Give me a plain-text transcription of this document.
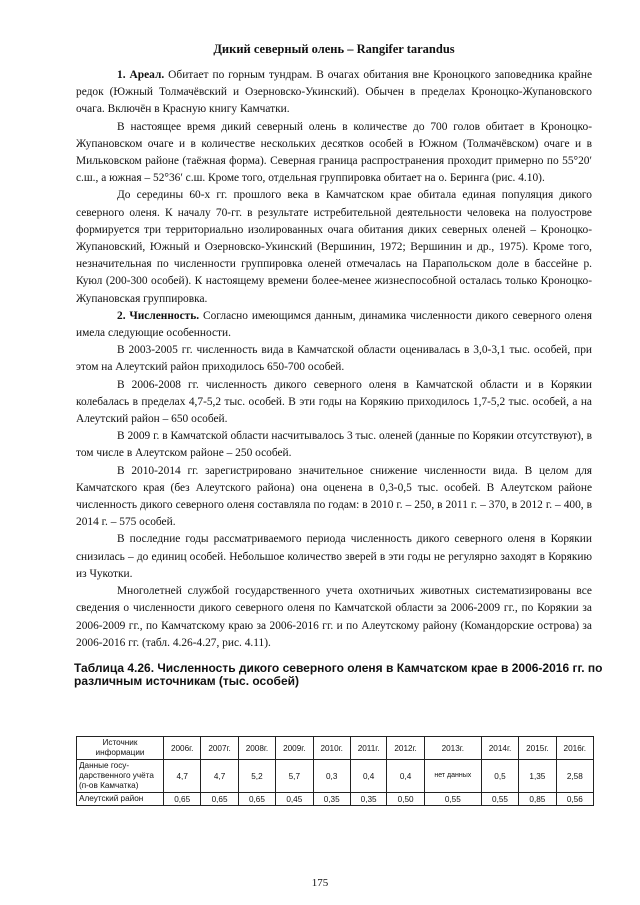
Дикий северный олень – Rangifer tarandus

1. Ареал. Обитает по горным тундрам. В очагах обитания вне Кроноцкого заповедника крайне редок (Южный Толмачёвский и Озерновско-Укинский). Обычен в пределах Кроноцко-Жупановского очага. Включён в Красную книгу Камчатки.

В настоящее время дикий северный олень в количестве до 700 голов обитает в Кроноцко-Жупановском очаге и в количестве нескольких десятков особей в Южном (Толмачёвском) очаге и в Мильковском районе (таёжная форма). Северная граница распространения проходит примерно по 55°20′ с.ш., а южная – 52°36′ с.ш. Кроме того, отдельная группировка обитает на о. Беринга (рис. 4.10).

До середины 60-х гг. прошлого века в Камчатском крае обитала единая популяция дикого северного оленя. К началу 70-гг. в результате истребительной деятельности человека на полуострове формируется три территориально изолированных очага обитания диких северных оленей – Кроноцко-Жупановский, Южный и Озерновско-Укинский (Вершинин, 1972; Вершинин и др., 1975). Кроме того, незначительная по численности группировка оленей отмечалась на Парапольском доле в бассейне р. Куюл (200-300 особей). К настоящему времени более-менее жизнеспособной осталась только Кроноцко-Жупановская группировка.

2. Численность. Согласно имеющимся данным, динамика численности дикого северного оленя имела следующие особенности.

В 2003-2005 гг. численность вида в Камчатской области оценивалась в 3,0-3,1 тыс. особей, при этом на Алеутский район приходилось 650-700 особей.

В 2006-2008 гг. численность дикого северного оленя в Камчатской области и в Корякии колебалась в пределах 4,7-5,2 тыс. особей. В эти годы на Корякию приходилось 1,7-5,2 тыс. особей, а на Алеутский район – 650 особей.

В 2009 г. в Камчатской области насчитывалось 3 тыс. оленей (данные по Корякии отсутствуют), в том числе в Алеутском районе – 250 особей.

В 2010-2014 гг. зарегистрировано значительное снижение численности вида. В целом для Камчатского края (без Алеутского района) она оценена в 0,3-0,5 тыс. особей. В Алеутском районе численность дикого северного оленя составляла по годам: в 2010 г. – 250, в 2011 г. – 370, в 2012 г. – 400, в 2014 г. – 575 особей.

В последние годы рассматриваемого периода численность дикого северного оленя в Корякии снизилась – до единиц особей. Небольшое количество зверей в эти годы не регулярно заходят в Корякию из Чукотки.

Многолетней службой государственного учета охотничьих животных систематизированы все сведения о численности дикого северного оленя по Камчатской области за 2006-2009 гг., по Корякии за 2006-2009 гг., по Камчатскому краю за 2006-2016 гг. и по Алеутскому району (Командорские острова) за 2006-2016 гг. (табл. 4.26-4.27, рис. 4.11).

Таблица 4.26. Численность дикого северного оленя в Камчатском крае в 2006-2016 гг. по различным источникам (тыс. особей)
Источник информации	2006г.	2007г.	2008г.	2009г.	2010г.	2011г.	2012г.	2013г.	2014г.	2015г.	2016г.
Данные госу-дарственного учёта (п-ов Камчатка)	4,7	4,7	5,2	5,7	0,3	0,4	0,4	нет данных	0,5	1,35	2,58
Алеутский район	0,65	0,65	0,65	0,45	0,35	0,35	0,50	0,55	0,55	0,85	0,56
175
